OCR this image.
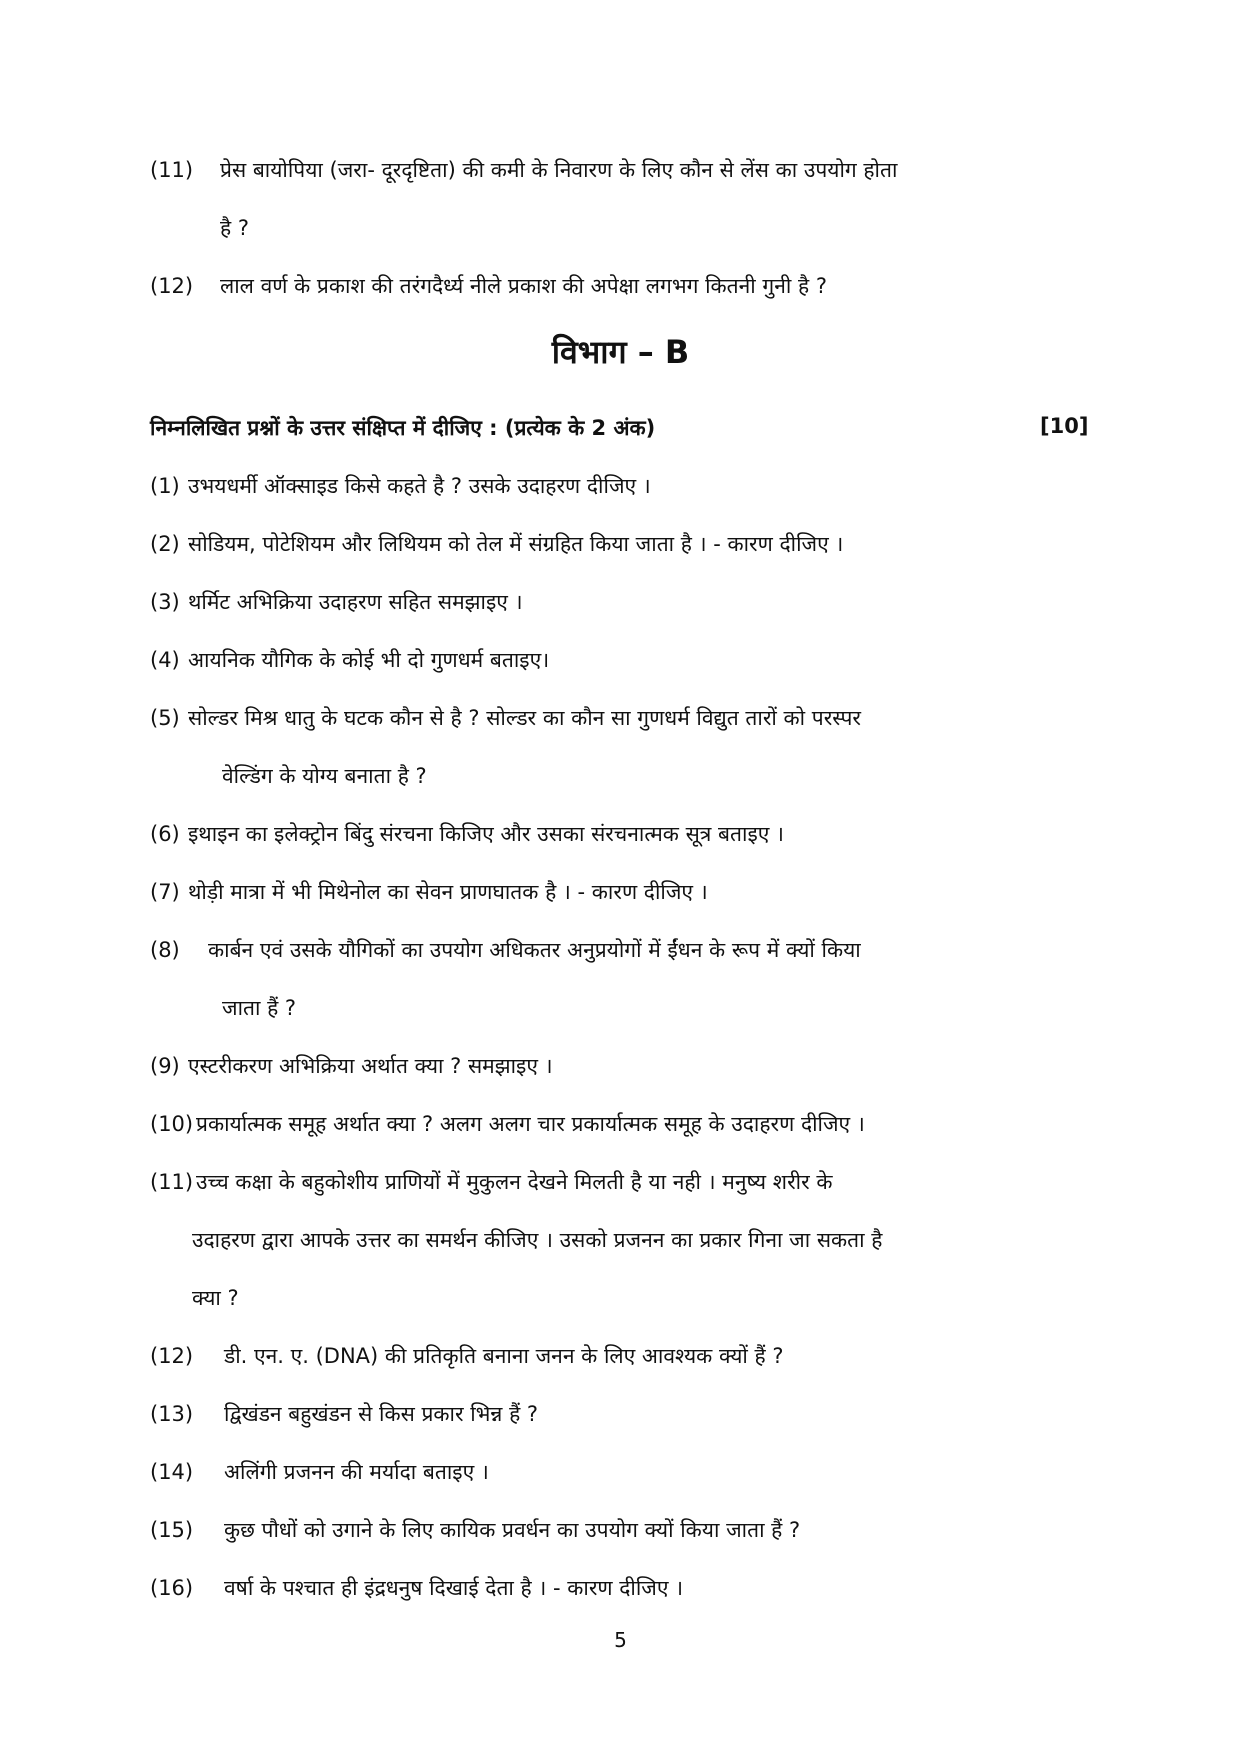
(11) प्रेस बायोपिया (जरा- दूरदृष्टिता) की कमी के निवारण के लिए कौन से लेंस का उपयोग होता
है ?
(12) लाल वर्ण के प्रकाश की तरंगदैर्ध्य नीले प्रकाश की अपेक्षा लगभग कितनी गुनी है ?
विभाग – B
निम्नलिखित प्रश्नों के उत्तर संक्षिप्त में दीजिए : (प्रत्येक के 2 अंक)	[10]
(1) उभयधर्मी ऑक्साइड किसे कहते है ? उसके उदाहरण दीजिए ।
(2) सोडियम, पोटेशियम और लिथियम को तेल में संग्रहित किया जाता है । - कारण दीजिए ।
(3) थर्मिट अभिक्रिया उदाहरण सहित समझाइए ।
(4) आयनिक यौगिक के कोई भी दो गुणधर्म बताइए।
(5) सोल्डर मिश्र धातु के घटक कौन से है ? सोल्डर का कौन सा गुणधर्म विद्युत तारों को परस्पर
वेल्डिंग के योग्य बनाता है ?
(6) इथाइन का इलेक्ट्रोन बिंदु संरचना किजिए और उसका संरचनात्मक सूत्र बताइए ।
(7) थोड़ी मात्रा में भी मिथेनोल का सेवन प्राणघातक है । - कारण दीजिए ।
(8) कार्बन एवं उसके यौगिकों का उपयोग अधिकतर अनुप्रयोगों में ईंधन के रूप में क्यों किया
जाता हैं ?
(9) एस्टरीकरण अभिक्रिया अर्थात क्या ? समझाइए ।
(10) प्रकार्यात्मक समूह अर्थात क्या ? अलग अलग चार प्रकार्यात्मक समूह के उदाहरण दीजिए ।
(11) उच्च कक्षा के बहुकोशीय प्राणियों में मुकुलन देखने मिलती है या नही । मनुष्य शरीर के
उदाहरण द्वारा आपके उत्तर का समर्थन कीजिए । उसको प्रजनन का प्रकार गिना जा सकता है
क्या ?
(12) डी. एन. ए. (DNA) की प्रतिकृति बनाना जनन के लिए आवश्यक क्यों हैं ?
(13) द्विखंडन बहुखंडन से किस प्रकार भिन्न हैं ?
(14) अलिंगी प्रजनन की मर्यादा बताइए ।
(15) कुछ पौधों को उगाने के लिए कायिक प्रवर्धन का उपयोग क्यों किया जाता हैं ?
(16) वर्षा के पश्चात ही इंद्रधनुष दिखाई देता है । - कारण दीजिए ।
5
